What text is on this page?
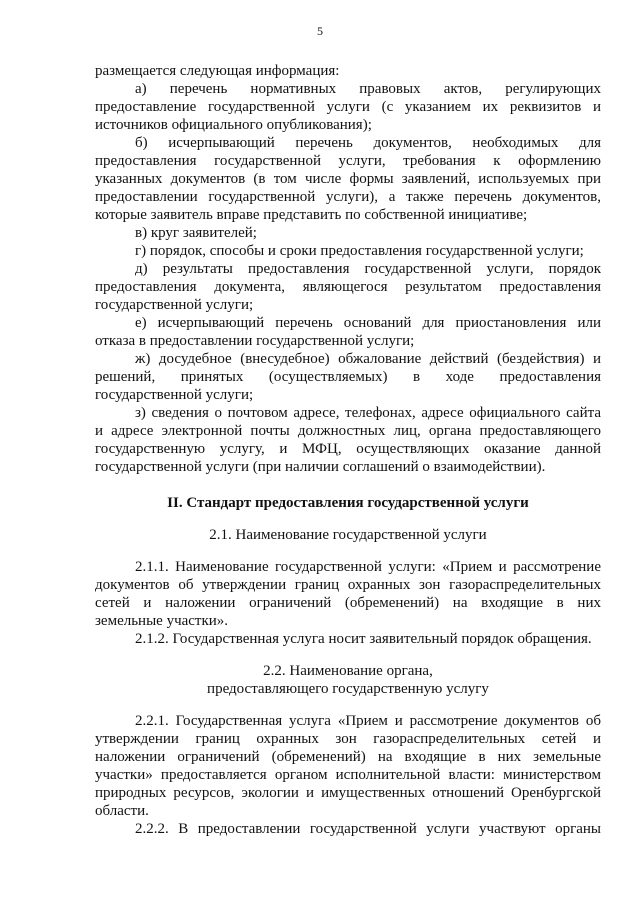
5
размещается следующая информация:
а) перечень нормативных правовых актов, регулирующих
предоставление государственной услуги (с указанием их реквизитов и
источников официального опубликования);
б) исчерпывающий перечень документов, необходимых для
предоставления государственной услуги, требования к оформлению
указанных документов (в том числе формы заявлений, используемых при
предоставлении государственной услуги), а также перечень документов,
которые заявитель вправе представить по собственной инициативе;
в) круг заявителей;
г) порядок, способы и сроки предоставления государственной услуги;
д) результаты предоставления государственной услуги, порядок
предоставления документа, являющегося результатом предоставления
государственной услуги;
е) исчерпывающий перечень оснований для приостановления или
отказа в предоставлении государственной услуги;
ж) досудебное (внесудебное) обжалование действий (бездействия) и
решений, принятых (осуществляемых) в ходе предоставления
государственной услуги;
з) сведения о почтовом адресе, телефонах, адресе официального сайта
и адресе электронной почты должностных лиц, органа предоставляющего
государственную услугу, и МФЦ, осуществляющих оказание данной
государственной услуги (при наличии соглашений о взаимодействии).
II. Стандарт предоставления государственной услуги
2.1. Наименование государственной услуги
2.1.1. Наименование государственной услуги: «Прием и рассмотрение
документов об утверждении границ охранных зон газораспределительных
сетей и наложении ограничений (обременений) на входящие в них
земельные участки».
2.1.2. Государственная услуга носит заявительный порядок обращения.
2.2. Наименование органа,
предоставляющего государственную услугу
2.2.1. Государственная услуга «Прием и рассмотрение документов об
утверждении границ охранных зон газораспределительных сетей и
наложении ограничений (обременений) на входящие в них земельные
участки» предоставляется органом исполнительной власти: министерством
природных ресурсов, экологии и имущественных отношений Оренбургской
области.
2.2.2. В предоставлении государственной услуги участвуют органы
